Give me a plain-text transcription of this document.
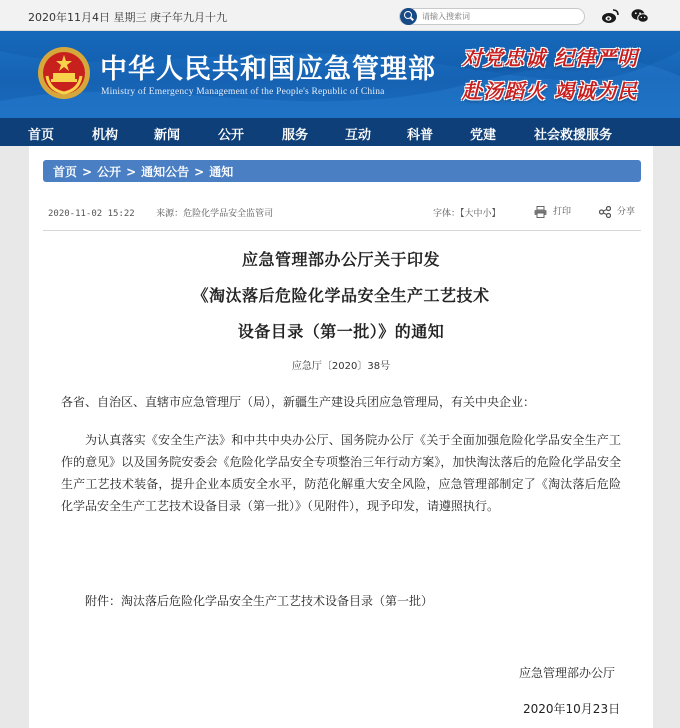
2020年11月4日 星期三 庚子年九月十九
请输入搜索词
中华人民共和国应急管理部
Ministry of Emergency Management of the People's Republic of China
对党忠诚 纪律严明
赴汤蹈火 竭诚为民
首页	机构	新闻	公开	服务	互动	科普	党建	社会救援服务
首页 > 公开 > 通知公告 > 通知
2020-11-02 15:22 来源：危险化学品安全监管司	字体：【大中小】	打印	分享
应急管理部办公厅关于印发
《淘汰落后危险化学品安全生产工艺技术
设备目录（第一批）》的通知
应急厅〔2020〕38号

各省、自治区、直辖市应急管理厅（局），新疆生产建设兵团应急管理局，有关中央企业：

为认真落实《安全生产法》和中共中央办公厅、国务院办公厅《关于全面加强危险化学品安全生产工作的意见》以及国务院安委会《危险化学品安全专项整治三年行动方案》，加快淘汰落后的危险化学品安全生产工艺技术装备，提升企业本质安全水平，防范化解重大安全风险，应急管理部制定了《淘汰落后危险化学品安全生产工艺技术设备目录（第一批）》（见附件），现予印发，请遵照执行。

附件：淘汰落后危险化学品安全生产工艺技术设备目录（第一批）

应急管理部办公厅
2020年10月23日
